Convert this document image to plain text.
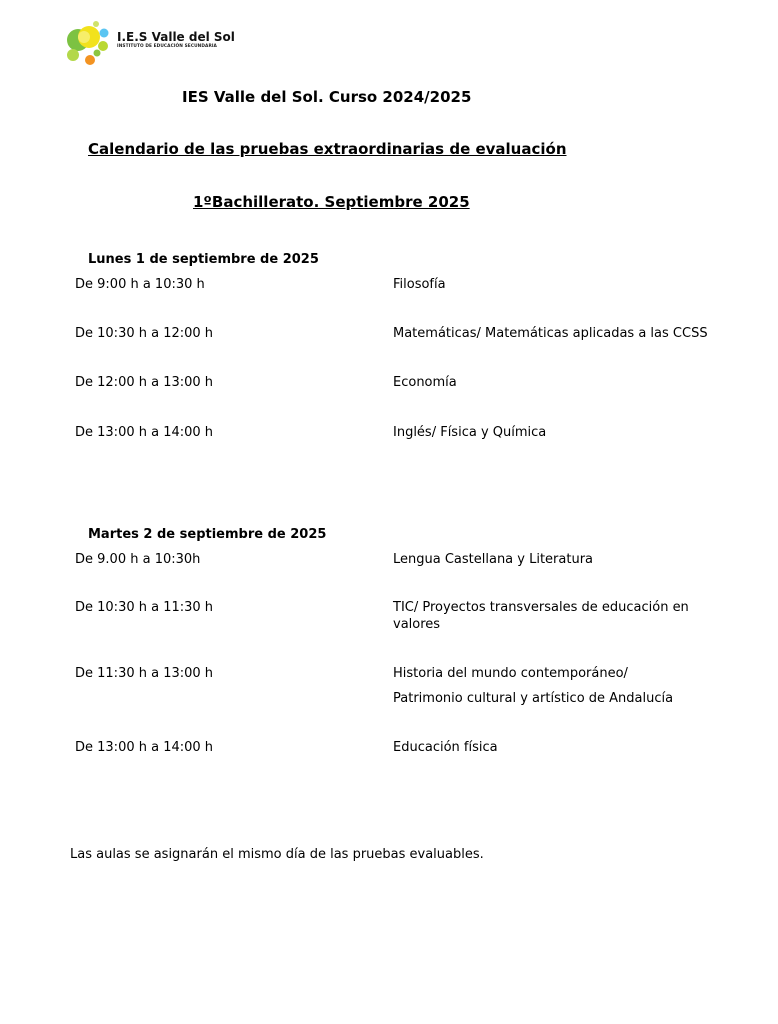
I.E.S Valle del Sol
INSTITUTO DE EDUCACIÓN SECUNDARIA
IES Valle del Sol. Curso 2024/2025
Calendario de las pruebas extraordinarias de evaluación
1ºBachillerato. Septiembre 2025
Lunes 1 de septiembre de 2025
De 9:00 h a 10:30 h	Filosofía
De 10:30 h a 12:00 h	Matemáticas/ Matemáticas aplicadas a las CCSS
De 12:00 h a 13:00 h	Economía
De 13:00 h a 14:00 h	Inglés/ Física y Química
Martes 2 de septiembre de 2025
De 9.00 h a 10:30h	Lengua Castellana y Literatura
De 10:30 h a 11:30 h	TIC/ Proyectos transversales de educación en
valores
De 11:30 h a 13:00 h	Historia del mundo contemporáneo/
Patrimonio cultural y artístico de Andalucía
De 13:00 h a 14:00 h	Educación física
Las aulas se asignarán el mismo día de las pruebas evaluables.
